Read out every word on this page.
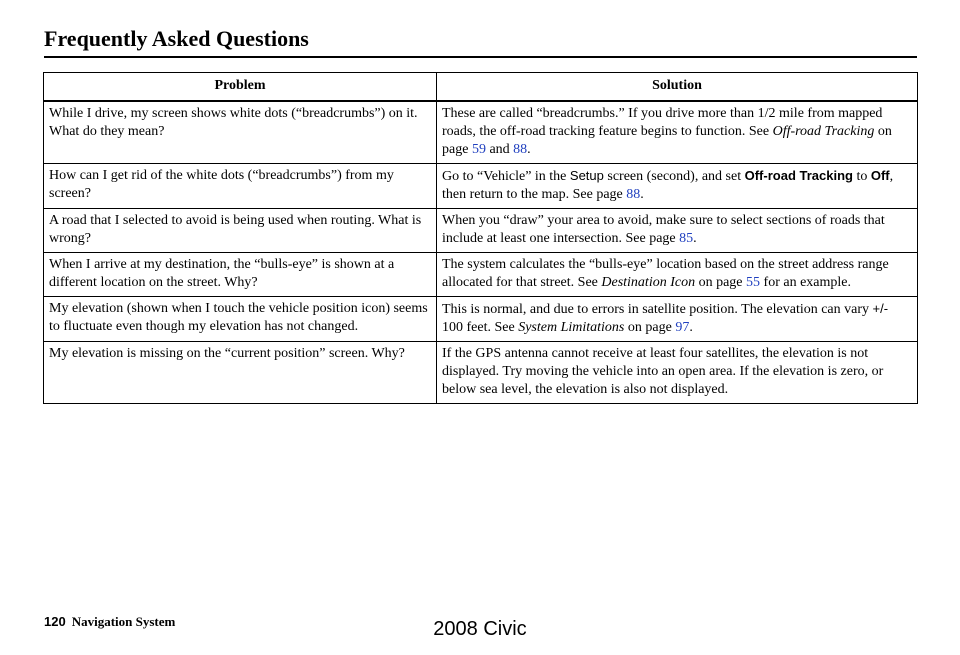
Frequently Asked Questions
Problem	Solution
While I drive, my screen shows white dots (“breadcrumbs”) on it. What do they mean?	These are called “breadcrumbs.” If you drive more than 1/2 mile from mapped roads, the off-road tracking feature begins to function. See Off-road Tracking on page 59 and 88.
How can I get rid of the white dots (“breadcrumbs”) from my screen?	Go to “Vehicle” in the Setup screen (second), and set Off-road Tracking to Off, then return to the map. See page 88.
A road that I selected to avoid is being used when routing. What is wrong?	When you “draw” your area to avoid, make sure to select sections of roads that include at least one intersection. See page 85.
When I arrive at my destination, the “bulls-eye” is shown at a different location on the street. Why?	The system calculates the “bulls-eye” location based on the street address range allocated for that street. See Destination Icon on page 55 for an example.
My elevation (shown when I touch the vehicle position icon) seems to fluctuate even though my elevation has not changed.	This is normal, and due to errors in satellite position. The elevation can vary +/- 100 feet. See System Limitations on page 97.
My elevation is missing on the “current position” screen. Why?	If the GPS antenna cannot receive at least four satellites, the elevation is not displayed. Try moving the vehicle into an open area. If the elevation is zero, or below sea level, the elevation is also not displayed.
120 Navigation System	2008 Civic
